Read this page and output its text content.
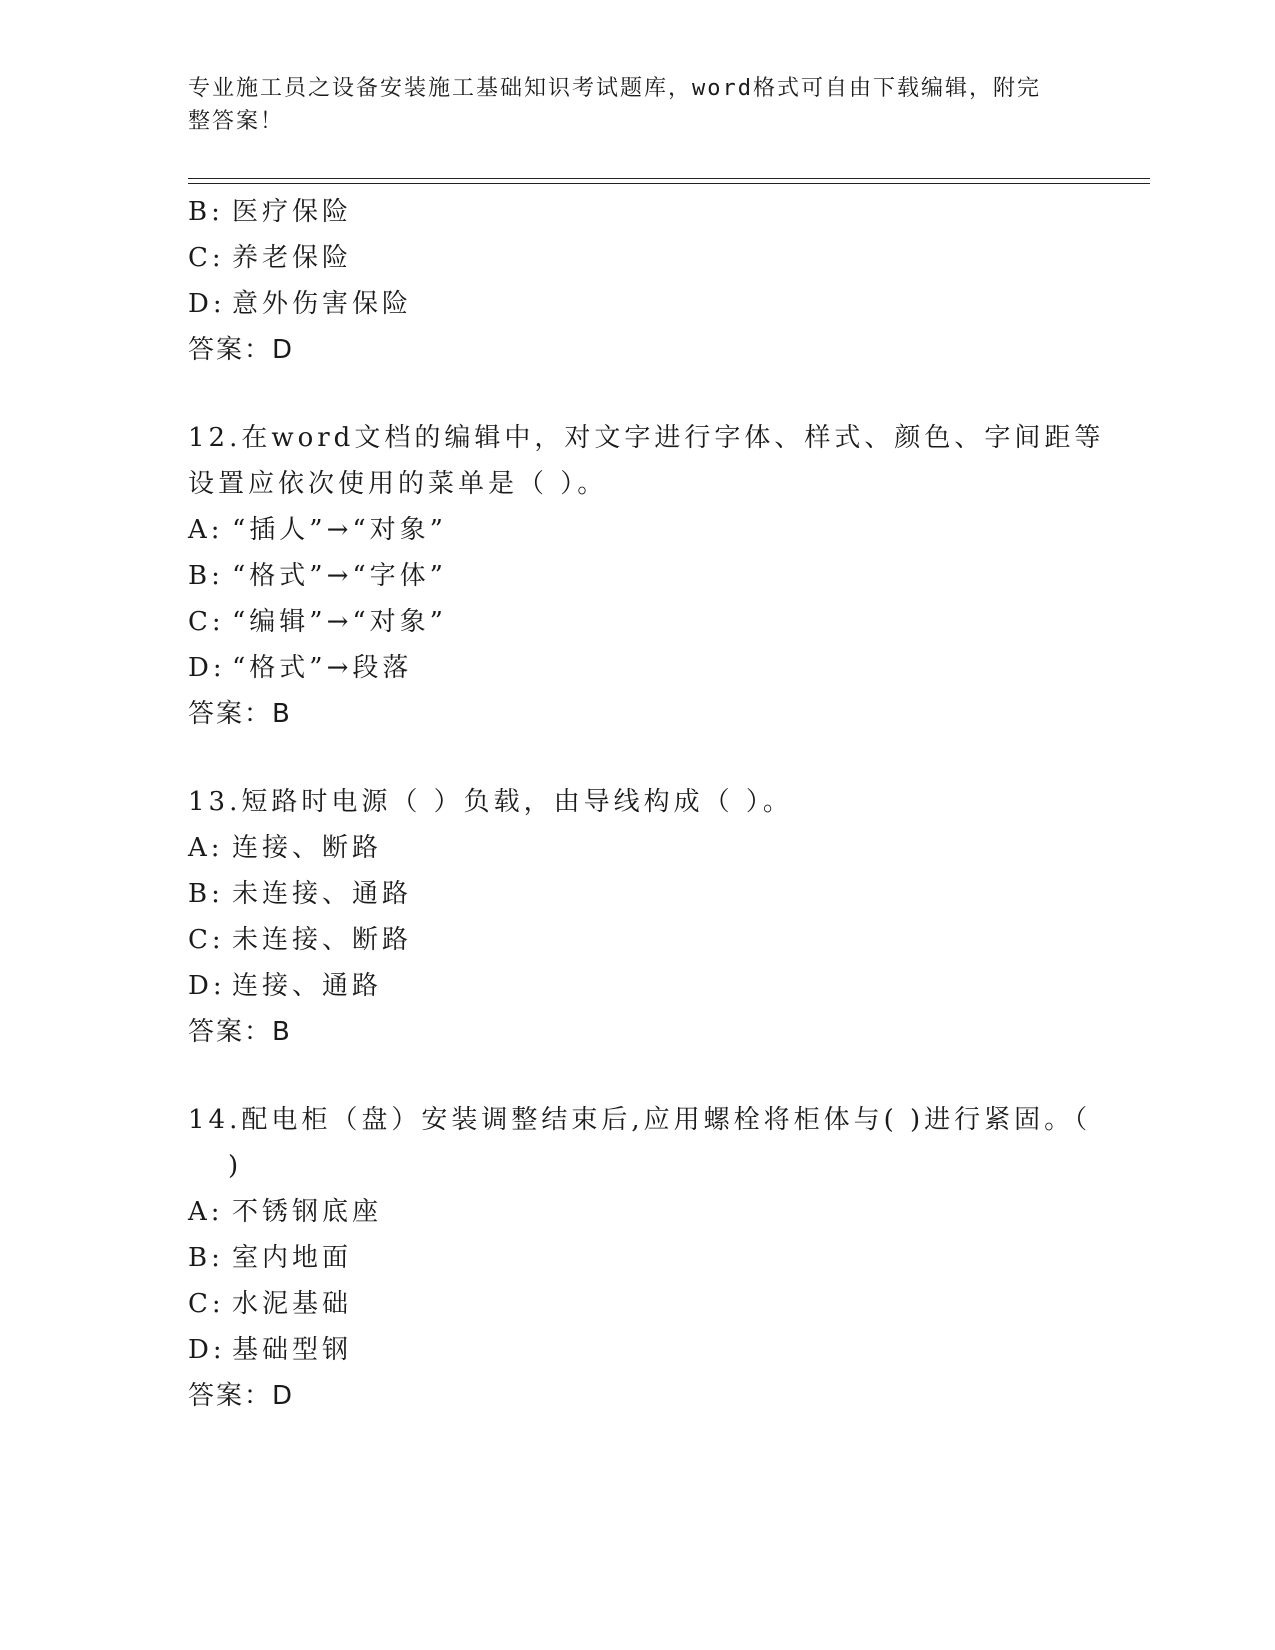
专业施工员之设备安装施工基础知识考试题库，word格式可自由下载编辑，附完
整答案！
B: 医疗保险
C: 养老保险
D: 意外伤害保险
答案：D
12.在word文档的编辑中，对文字进行字体、样式、颜色、字间距等
设置应依次使用的菜单是（ ）。
A: “插人”→“对象”
B: “格式”→“字体”
C: “编辑”→“对象”
D: “格式”→段落
答案：B
13.短路时电源（ ）负载，由导线构成（ ）。
A: 连接、断路
B: 未连接、通路
C: 未连接、断路
D: 连接、通路
答案：B
14.配电柜（盘）安装调整结束后,应用螺栓将柜体与( )进行紧固。（
)
A: 不锈钢底座
B: 室内地面
C: 水泥基础
D: 基础型钢
答案：D
